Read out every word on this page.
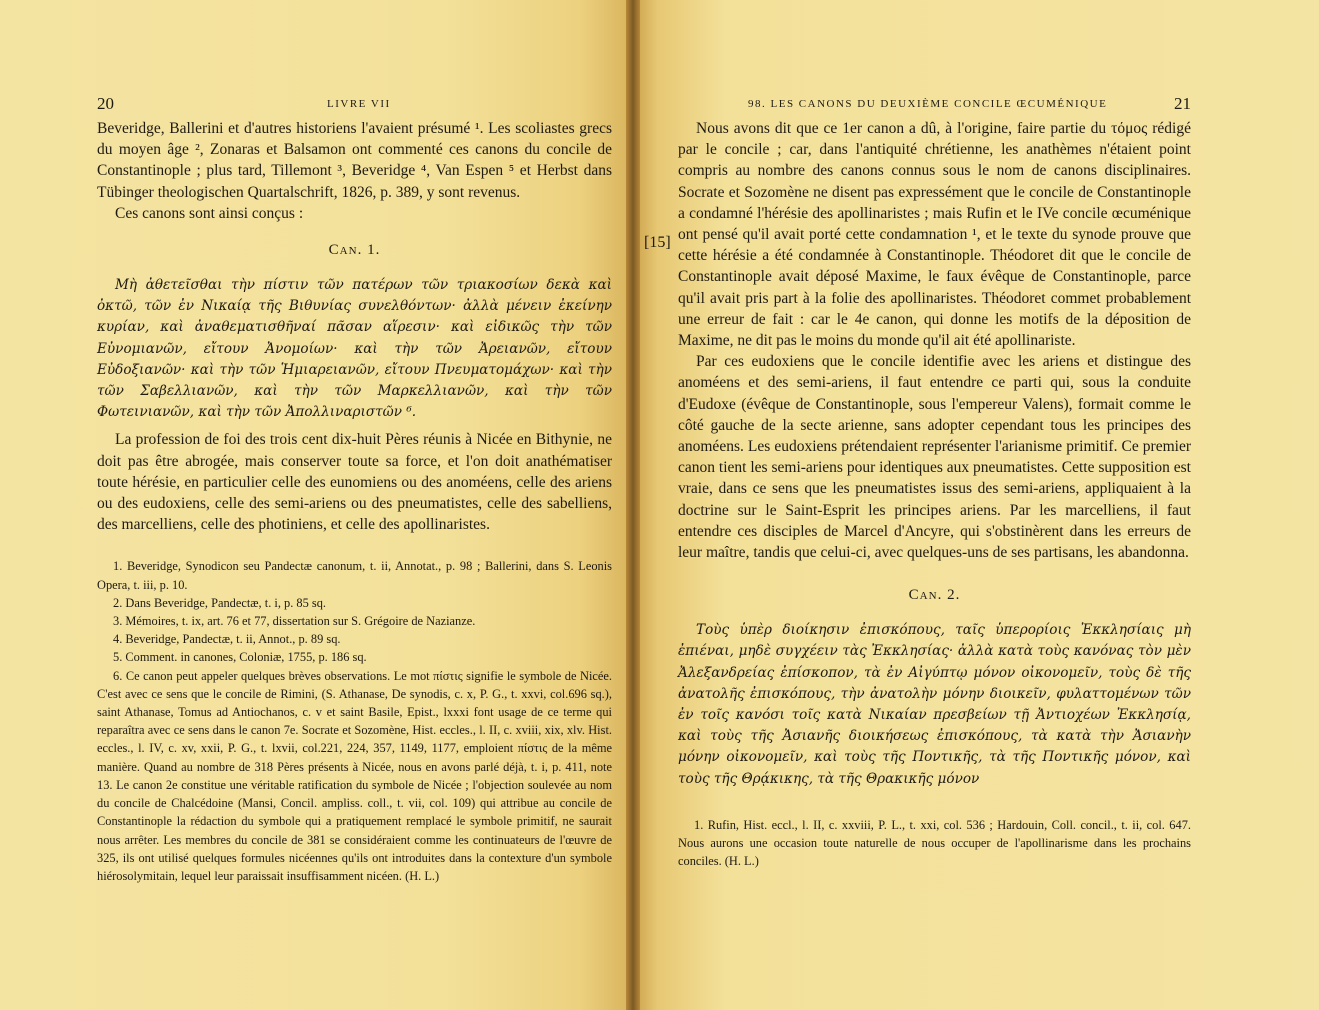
20	LIVRE VII

Beveridge, Ballerini et d'autres historiens l'avaient présumé ¹. Les scoliastes grecs du moyen âge ², Zonaras et Balsamon ont commenté ces canons du concile de Constantinople ; plus tard, Tillemont ³, Beveridge ⁴, Van Espen ⁵ et Herbst dans Tübinger theologischen Quartalschrift, 1826, p. 389, y sont revenus.

Ces canons sont ainsi conçus :

Can. 1.

Μὴ ἀθετεῖσθαι τὴν πίστιν τῶν πατέρων τῶν τριακοσίων δεκὰ καὶ ὀκτῶ, τῶν ἐν Νικαίᾳ τῆς Βιθυνίας συνελθόντων· ἀλλὰ μένειν ἐκείνην κυρίαν, καὶ ἀναθεματισθῆναί πᾶσαν αἵρεσιν· καὶ εἰδικῶς τὴν τῶν Εὐνομιανῶν, εἴτουν Ἀνομοίων· καὶ τὴν τῶν Ἀρειανῶν, εἴτουν Εὐδοξιανῶν· καὶ τὴν τῶν Ἡμιαρειανῶν, εἴτουν Πνευματομάχων· καὶ τὴν τῶν Σαβελλιανῶν, καὶ τὴν τῶν Μαρκελλιανῶν, καὶ τὴν τῶν Φωτεινιανῶν, καὶ τὴν τῶν Ἀπολλιναριστῶν ⁶.

La profession de foi des trois cent dix-huit Pères réunis à Nicée en Bithynie, ne doit pas être abrogée, mais conserver toute sa force, et l'on doit anathématiser toute hérésie, en particulier celle des eunomiens ou des anoméens, celle des ariens ou des eudoxiens, celle des semi-ariens ou des pneumatistes, celle des sabelliens, des marcelliens, celle des photiniens, et celle des apollinaristes.

1. Beveridge, Synodicon seu Pandectæ canonum, t. ii, Annotat., p. 98 ; Ballerini, dans S. Leonis Opera, t. iii, p. 10.

2. Dans Beveridge, Pandectæ, t. i, p. 85 sq.

3. Mémoires, t. ix, art. 76 et 77, dissertation sur S. Grégoire de Nazianze.

4. Beveridge, Pandectæ, t. ii, Annot., p. 89 sq.

5. Comment. in canones, Coloniæ, 1755, p. 186 sq.

6. Ce canon peut appeler quelques brèves observations. Le mot πίστις signifie le symbole de Nicée. C'est avec ce sens que le concile de Rimini, (S. Athanase, De synodis, c. x, P. G., t. xxvi, col.696 sq.), saint Athanase, Tomus ad Antiochanos, c. v et saint Basile, Epist., lxxxi font usage de ce terme qui reparaîtra avec ce sens dans le canon 7e. Socrate et Sozomène, Hist. eccles., l. II, c. xviii, xix, xlv. Hist. eccles., l. IV, c. xv, xxii, P. G., t. lxvii, col.221, 224, 357, 1149, 1177, emploient πίστις de la même manière. Quand au nombre de 318 Pères présents à Nicée, nous en avons parlé déjà, t. i, p. 411, note 13. Le canon 2e constitue une véritable ratification du symbole de Nicée ; l'objection soulevée au nom du concile de Chalcédoine (Mansi, Concil. ampliss. coll., t. vii, col. 109) qui attribue au concile de Constantinople la rédaction du symbole qui a pratiquement remplacé le symbole primitif, ne saurait nous arrêter. Les membres du concile de 381 se considéraient comme les continuateurs de l'œuvre de 325, ils ont utilisé quelques formules nicéennes qu'ils ont introduites dans la contexture d'un symbole hiérosolymitain, lequel leur paraissait insuffisamment nicéen. (H. L.)

98. LES CANONS DU DEUXIÈME CONCILE ŒCUMÉNIQUE	21

Nous avons dit que ce 1er canon a dû, à l'origine, faire partie du τόμος rédigé par le concile ; car, dans l'antiquité chrétienne, les anathèmes n'étaient point compris au nombre des canons connus sous le nom de canons disciplinaires. Socrate et Sozomène ne disent pas expressément que le concile de Constantinople a condamné l'hérésie des apollinaristes ; mais Rufin et le IVe concile œcuménique ont pensé qu'il avait porté cette condamnation ¹, et le texte du synode prouve que cette hérésie a été condamnée à Constantinople. Théodoret dit que le concile de Constantinople avait déposé Maxime, le faux évêque de Constantinople, parce qu'il avait pris part à la folie des apollinaristes. Théodoret commet probablement une erreur de fait : car le 4e canon, qui donne les motifs de la déposition de Maxime, ne dit pas le moins du monde qu'il ait été apollinariste.

Par ces eudoxiens que le concile identifie avec les ariens et distingue des anoméens et des semi-ariens, il faut entendre ce parti qui, sous la conduite d'Eudoxe (évêque de Constantinople, sous l'empereur Valens), formait comme le côté gauche de la secte arienne, sans adopter cependant tous les principes des anoméens. Les eudoxiens prétendaient représenter l'arianisme primitif. Ce premier canon tient les semi-ariens pour identiques aux pneumatistes. Cette supposition est vraie, dans ce sens que les pneumatistes issus des semi-ariens, appliquaient à la doctrine sur le Saint-Esprit les principes ariens. Par les marcelliens, il faut entendre ces disciples de Marcel d'Ancyre, qui s'obstinèrent dans les erreurs de leur maître, tandis que celui-ci, avec quelques-uns de ses partisans, les abandonna.

Can. 2.

Τοὺς ὑπὲρ διοίκησιν ἐπισκόπους, ταῖς ὑπερορίοις Ἐκκλησίαις μὴ ἐπιέναι, μηδὲ συγχέειν τὰς Ἐκκλησίας· ἀλλὰ κατὰ τοὺς κανόνας τὸν μὲν Ἀλεξανδρείας ἐπίσκοπον, τὰ ἐν Αἰγύπτῳ μόνον οἰκονομεῖν, τοὺς δὲ τῆς ἀνατολῆς ἐπισκόπους, τὴν ἀνατολὴν μόνην διοικεῖν, φυλαττομένων τῶν ἐν τοῖς κανόσι τοῖς κατὰ Νικαίαν πρεσβείων τῇ Ἀντιοχέων Ἐκκλησίᾳ, καὶ τοὺς τῆς Ἀσιανῆς διοικήσεως ἐπισκόπους, τὰ κατὰ τὴν Ἀσιανὴν μόνην οἰκονομεῖν, καὶ τοὺς τῆς Ποντικῆς, τὰ τῆς Ποντικῆς μόνον, καὶ τοὺς τῆς Θρᾴκικης, τὰ τῆς Θρακικῆς μόνον

1. Rufin, Hist. eccl., l. II, c. xxviii, P. L., t. xxi, col. 536 ; Hardouin, Coll. concil., t. ii, col. 647. Nous aurons une occasion toute naturelle de nous occuper de l'apollinarisme dans les prochains conciles. (H. L.)

[15]
